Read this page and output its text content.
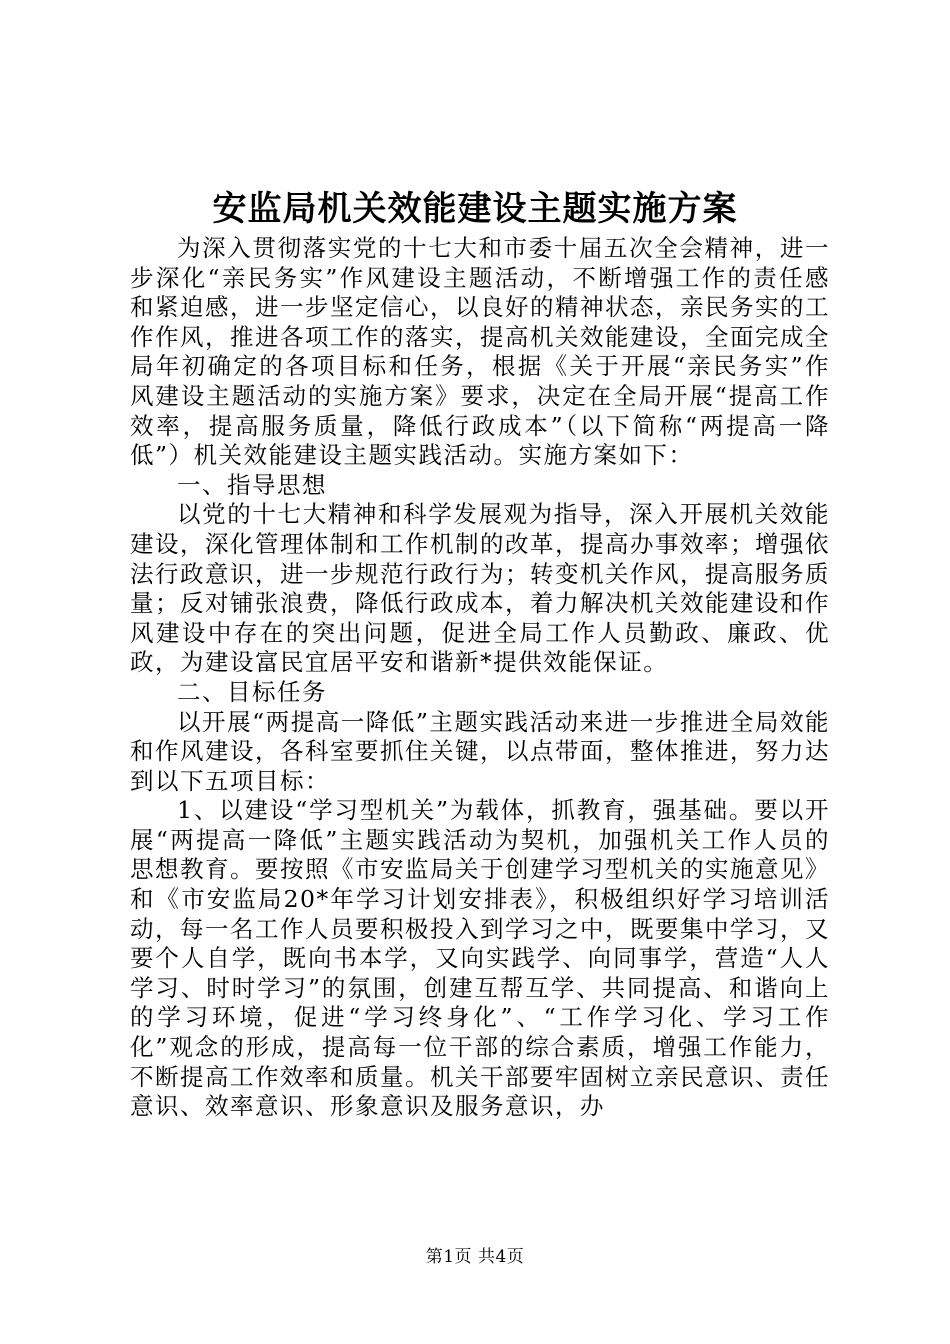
安监局机关效能建设主题实施方案

为深入贯彻落实党的十七大和市委十届五次全会精神，进一步深化“亲民务实”作风建设主题活动，不断增强工作的责任感和紧迫感，进一步坚定信心，以良好的精神状态，亲民务实的工作作风，推进各项工作的落实，提高机关效能建设，全面完成全局年初确定的各项目标和任务，根据《关于开展“亲民务实”作风建设主题活动的实施方案》要求，决定在全局开展“提高工作效率，提高服务质量，降低行政成本”（以下简称“两提高一降低”）机关效能建设主题实践活动。实施方案如下：

一、指导思想

以党的十七大精神和科学发展观为指导，深入开展机关效能建设，深化管理体制和工作机制的改革，提高办事效率；增强依法行政意识，进一步规范行政行为；转变机关作风，提高服务质量；反对铺张浪费，降低行政成本，着力解决机关效能建设和作风建设中存在的突出问题，促进全局工作人员勤政、廉政、优政，为建设富民宜居平安和谐新*提供效能保证。

二、目标任务

以开展“两提高一降低”主题实践活动来进一步推进全局效能和作风建设，各科室要抓住关键，以点带面，整体推进，努力达到以下五项目标：

1、以建设“学习型机关”为载体，抓教育，强基础。要以开展“两提高一降低”主题实践活动为契机，加强机关工作人员的思想教育。要按照《市安监局关于创建学习型机关的实施意见》和《市安监局20*年学习计划安排表》，积极组织好学习培训活动，每一名工作人员要积极投入到学习之中，既要集中学习，又要个人自学，既向书本学，又向实践学、向同事学，营造“人人学习、时时学习”的氛围，创建互帮互学、共同提高、和谐向上的学习环境，促进“学习终身化”、“工作学习化、学习工作化”观念的形成，提高每一位干部的综合素质，增强工作能力，不断提高工作效率和质量。机关干部要牢固树立亲民意识、责任意识、效率意识、形象意识及服务意识，办

第1页 共4页
